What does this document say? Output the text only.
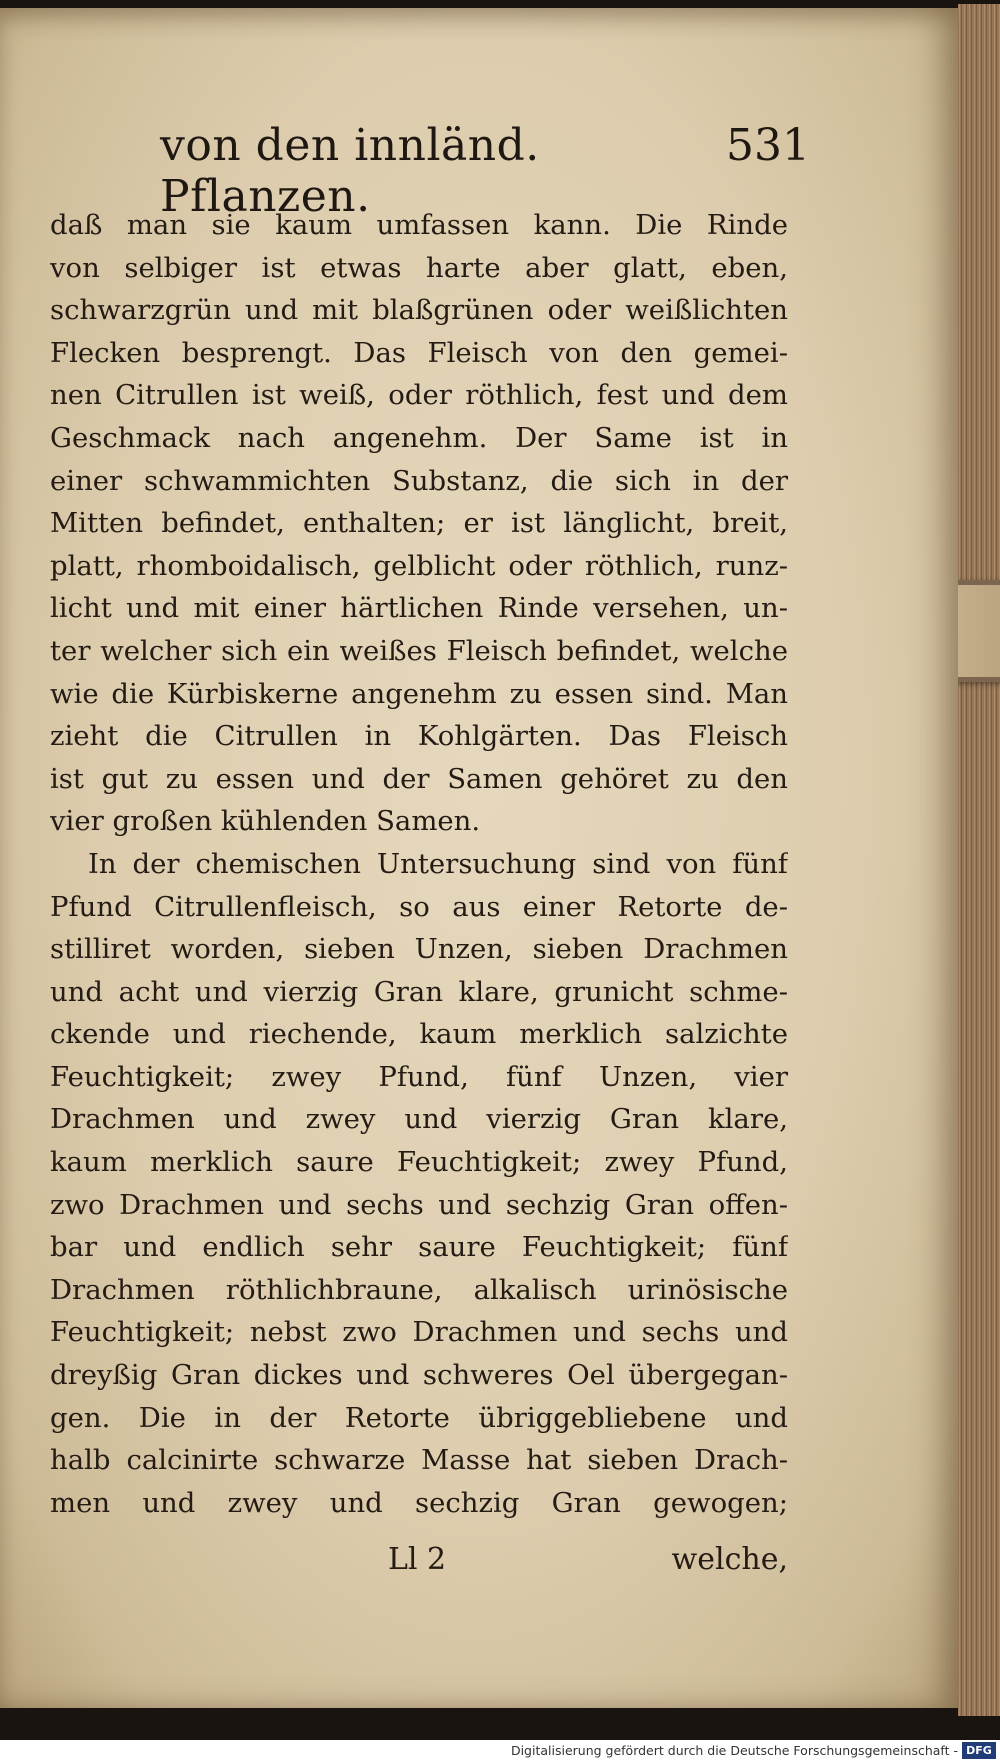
von den innländ. Pflanzen.
531
daß man sie kaum umfassen kann. Die Rinde
von selbiger ist etwas harte aber glatt, eben,
schwarzgrün und mit blaßgrünen oder weißlichten
Flecken besprengt. Das Fleisch von den gemei-
nen Citrullen ist weiß, oder röthlich, fest und dem
Geschmack nach angenehm. Der Same ist in
einer schwammichten Substanz, die sich in der
Mitten befindet, enthalten; er ist länglicht, breit,
platt, rhomboidalisch, gelblicht oder röthlich, runz-
licht und mit einer härtlichen Rinde versehen, un-
ter welcher sich ein weißes Fleisch befindet, welche
wie die Kürbiskerne angenehm zu essen sind. Man
zieht die Citrullen in Kohlgärten. Das Fleisch
ist gut zu essen und der Samen gehöret zu den
vier großen kühlenden Samen.
In der chemischen Untersuchung sind von fünf
Pfund Citrullenfleisch, so aus einer Retorte de-
stilliret worden, sieben Unzen, sieben Drachmen
und acht und vierzig Gran klare, grunicht schme-
ckende und riechende, kaum merklich salzichte
Feuchtigkeit; zwey Pfund, fünf Unzen, vier
Drachmen und zwey und vierzig Gran klare,
kaum merklich saure Feuchtigkeit; zwey Pfund,
zwo Drachmen und sechs und sechzig Gran offen-
bar und endlich sehr saure Feuchtigkeit; fünf
Drachmen röthlichbraune, alkalisch urinösische
Feuchtigkeit; nebst zwo Drachmen und sechs und
dreyßig Gran dickes und schweres Oel übergegan-
gen. Die in der Retorte übriggebliebene und
halb calcinirte schwarze Masse hat sieben Drach-
men und zwey und sechzig Gran gewogen;
Ll 2	welche,
Digitalisierung gefördert durch die Deutsche Forschungsgemeinschaft - DFG
